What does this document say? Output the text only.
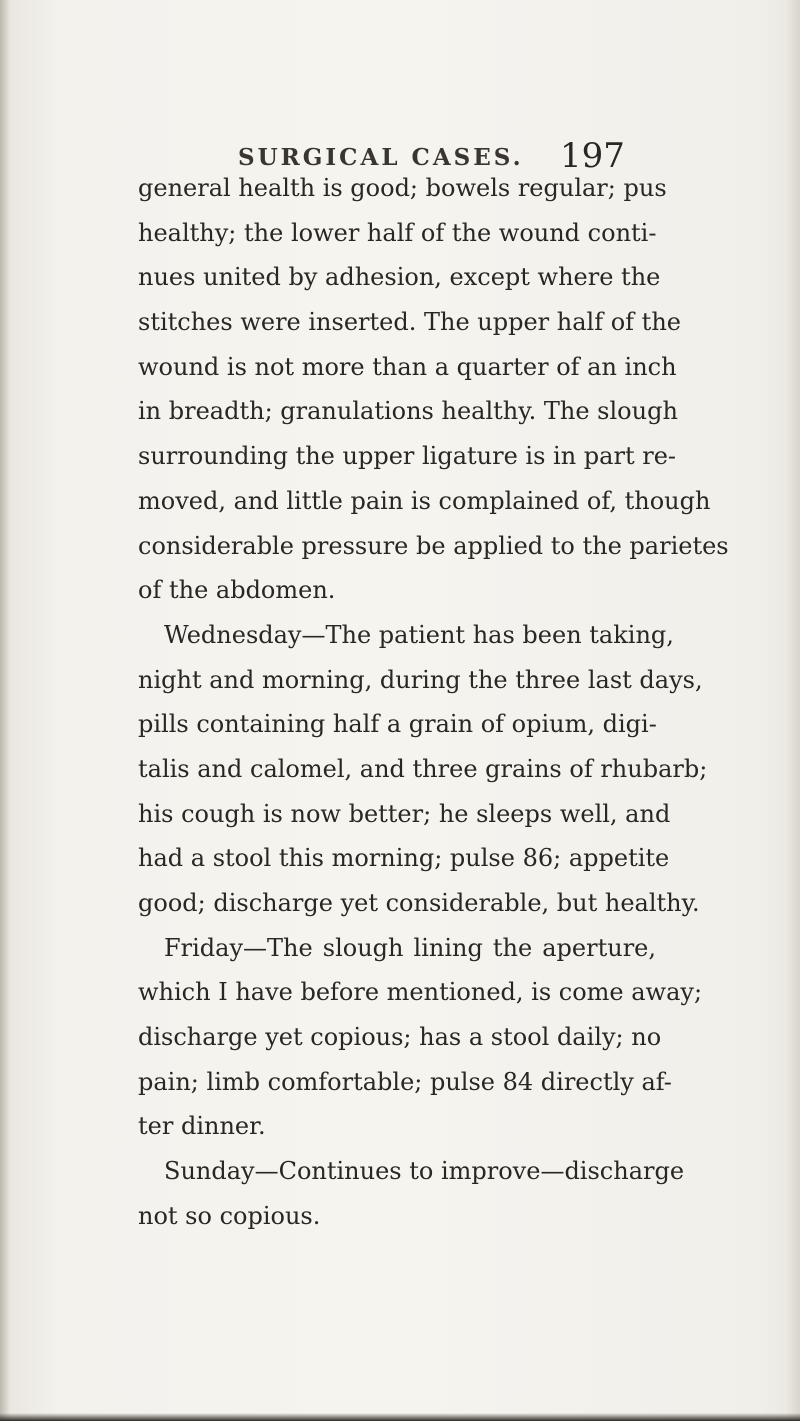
SURGICAL CASES. 197
general health is good; bowels regular; pus
healthy; the lower half of the wound conti-
nues united by adhesion, except where the
stitches were inserted. The upper half of the
wound is not more than a quarter of an inch
in breadth; granulations healthy. The slough
surrounding the upper ligature is in part re-
moved, and little pain is complained of, though
considerable pressure be applied to the parietes
of the abdomen.
Wednesday—The patient has been taking,
night and morning, during the three last days,
pills containing half a grain of opium, digi-
talis and calomel, and three grains of rhubarb;
his cough is now better; he sleeps well, and
had a stool this morning; pulse 86; appetite
good; discharge yet considerable, but healthy.
Friday—The slough lining the aperture,
which I have before mentioned, is come away;
discharge yet copious; has a stool daily; no
pain; limb comfortable; pulse 84 directly af-
ter dinner.
Sunday—Continues to improve—discharge
not so copious.
